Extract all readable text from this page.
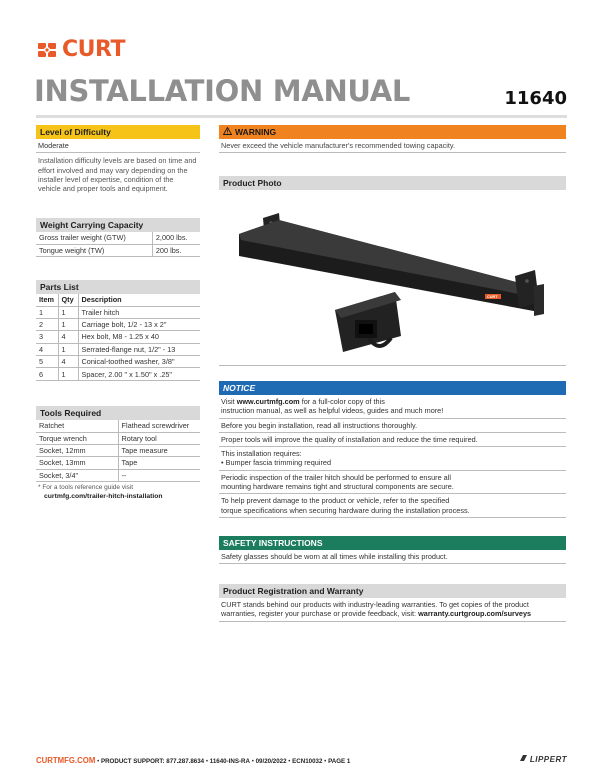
CURT
INSTALLATION MANUAL	11640
Level of Difficulty
Moderate
Installation difficulty levels are based on time and effort involved and may vary depending on the installer level of expertise, condition of the vehicle and proper tools and equipment.
Weight Carrying Capacity
Gross trailer weight (GTW)	2,000 lbs.
Tongue weight (TW)	200 lbs.
Parts List
Item	Qty	Description
1	1	Trailer hitch
2	1	Carriage bolt, 1/2 - 13 x 2"
3	4	Hex bolt, M8 - 1.25 x 40
4	1	Serrated-flange nut, 1/2" - 13
5	4	Conical-toothed washer, 3/8"
6	1	Spacer, 2.00 " x 1.50" x .25"
Tools Required
Ratchet	Flathead screwdriver
Torque wrench	Rotary tool
Socket, 12mm	Tape measure
Socket, 13mm	Tape
Socket, 3/4"	--
* For a tools reference guide visit
curtmfg.com/trailer-hitch-installation
WARNING
Never exceed the vehicle manufacturer's recommended towing capacity.
Product Photo
CURT
NOTICE
Visit www.curtmfg.com for a full-color copy of this
instruction manual, as well as helpful videos, guides and much more!
Before you begin installation, read all instructions thoroughly.
Proper tools will improve the quality of installation and reduce the time required.
This installation requires:
• Bumper fascia trimming required
Periodic inspection of the trailer hitch should be performed to ensure all
mounting hardware remains tight and structural components are secure.
To help prevent damage to the product or vehicle, refer to the specified
torque specifications when securing hardware during the installation process.
SAFETY INSTRUCTIONS
Safety glasses should be worn at all times while installing this product.
Product Registration and Warranty
CURT stands behind our products with industry-leading warranties. To get copies of the product
warranties, register your purchase or provide feedback, visit: warranty.curtgroup.com/surveys
CURTMFG.COM • PRODUCT SUPPORT: 877.287.8634 • 11640-INS-RA • 09/20/2022 • ECN10032 • PAGE 1	LIPPERT
